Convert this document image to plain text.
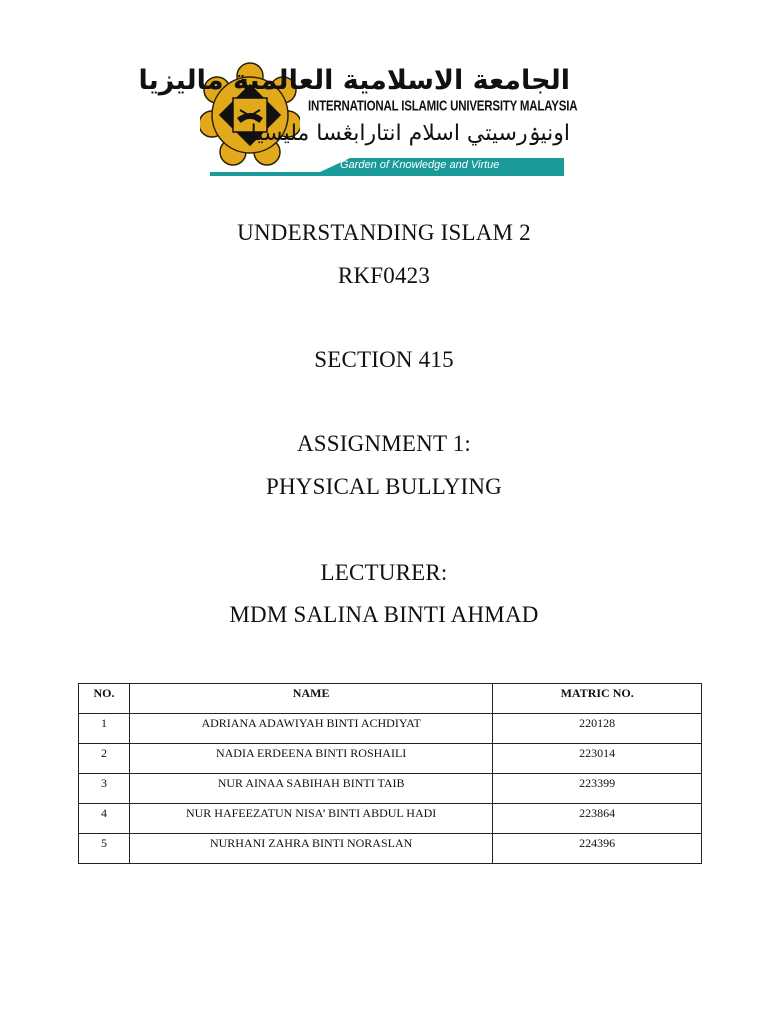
الجامعة الاسلامية العالمية ماليزيا
INTERNATIONAL ISLAMIC UNIVERSITY MALAYSIA
اونيۏرسيتي اسلام انتارابڠسا مليسيا
Garden of Knowledge and Virtue
UNDERSTANDING ISLAM 2
RKF0423
SECTION 415
ASSIGNMENT 1:
PHYSICAL BULLYING
LECTURER:
MDM SALINA BINTI AHMAD
NO.	NAME	MATRIC NO.
1	ADRIANA ADAWIYAH BINTI ACHDIYAT	220128
2	NADIA ERDEENA BINTI ROSHAILI	223014
3	NUR AINAA SABIHAH BINTI TAIB	223399
4	NUR HAFEEZATUN NISA’ BINTI ABDUL HADI	223864
5	NURHANI ZAHRA BINTI NORASLAN	224396
